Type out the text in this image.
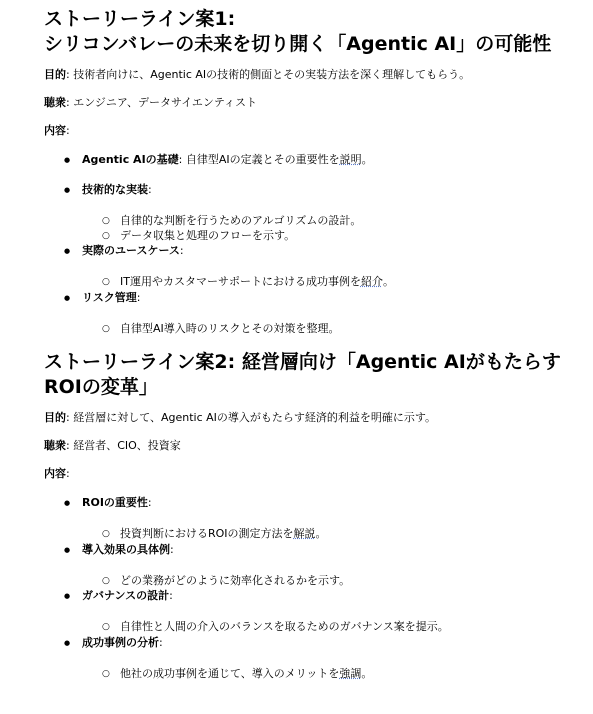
ストーリーライン案1:
シリコンバレーの未来を切り開く「Agentic AI」の可能性

目的: 技術者向けに、Agentic AIの技術的側面とその実装方法を深く理解してもらう。

聴衆: エンジニア、データサイエンティスト

内容:

● Agentic AIの基礎: 自律型AIの定義とその重要性を説明。
● 技術的な実装:
○ 自律的な判断を行うためのアルゴリズムの設計。
○ データ収集と処理のフローを示す。
● 実際のユースケース:
○ IT運用やカスタマーサポートにおける成功事例を紹介。
● リスク管理:
○ 自律型AI導入時のリスクとその対策を整理。
ストーリーライン案2: 経営層向け「Agentic AIがもたらす
ROIの変革」

目的: 経営層に対して、Agentic AIの導入がもたらす経済的利益を明確に示す。

聴衆: 経営者、CIO、投資家

内容:

● ROIの重要性:
○ 投資判断におけるROIの測定方法を解説。
● 導入効果の具体例:
○ どの業務がどのように効率化されるかを示す。
● ガバナンスの設計:
○ 自律性と人間の介入のバランスを取るためのガバナンス案を提示。
● 成功事例の分析:
○ 他社の成功事例を通じて、導入のメリットを強調。
